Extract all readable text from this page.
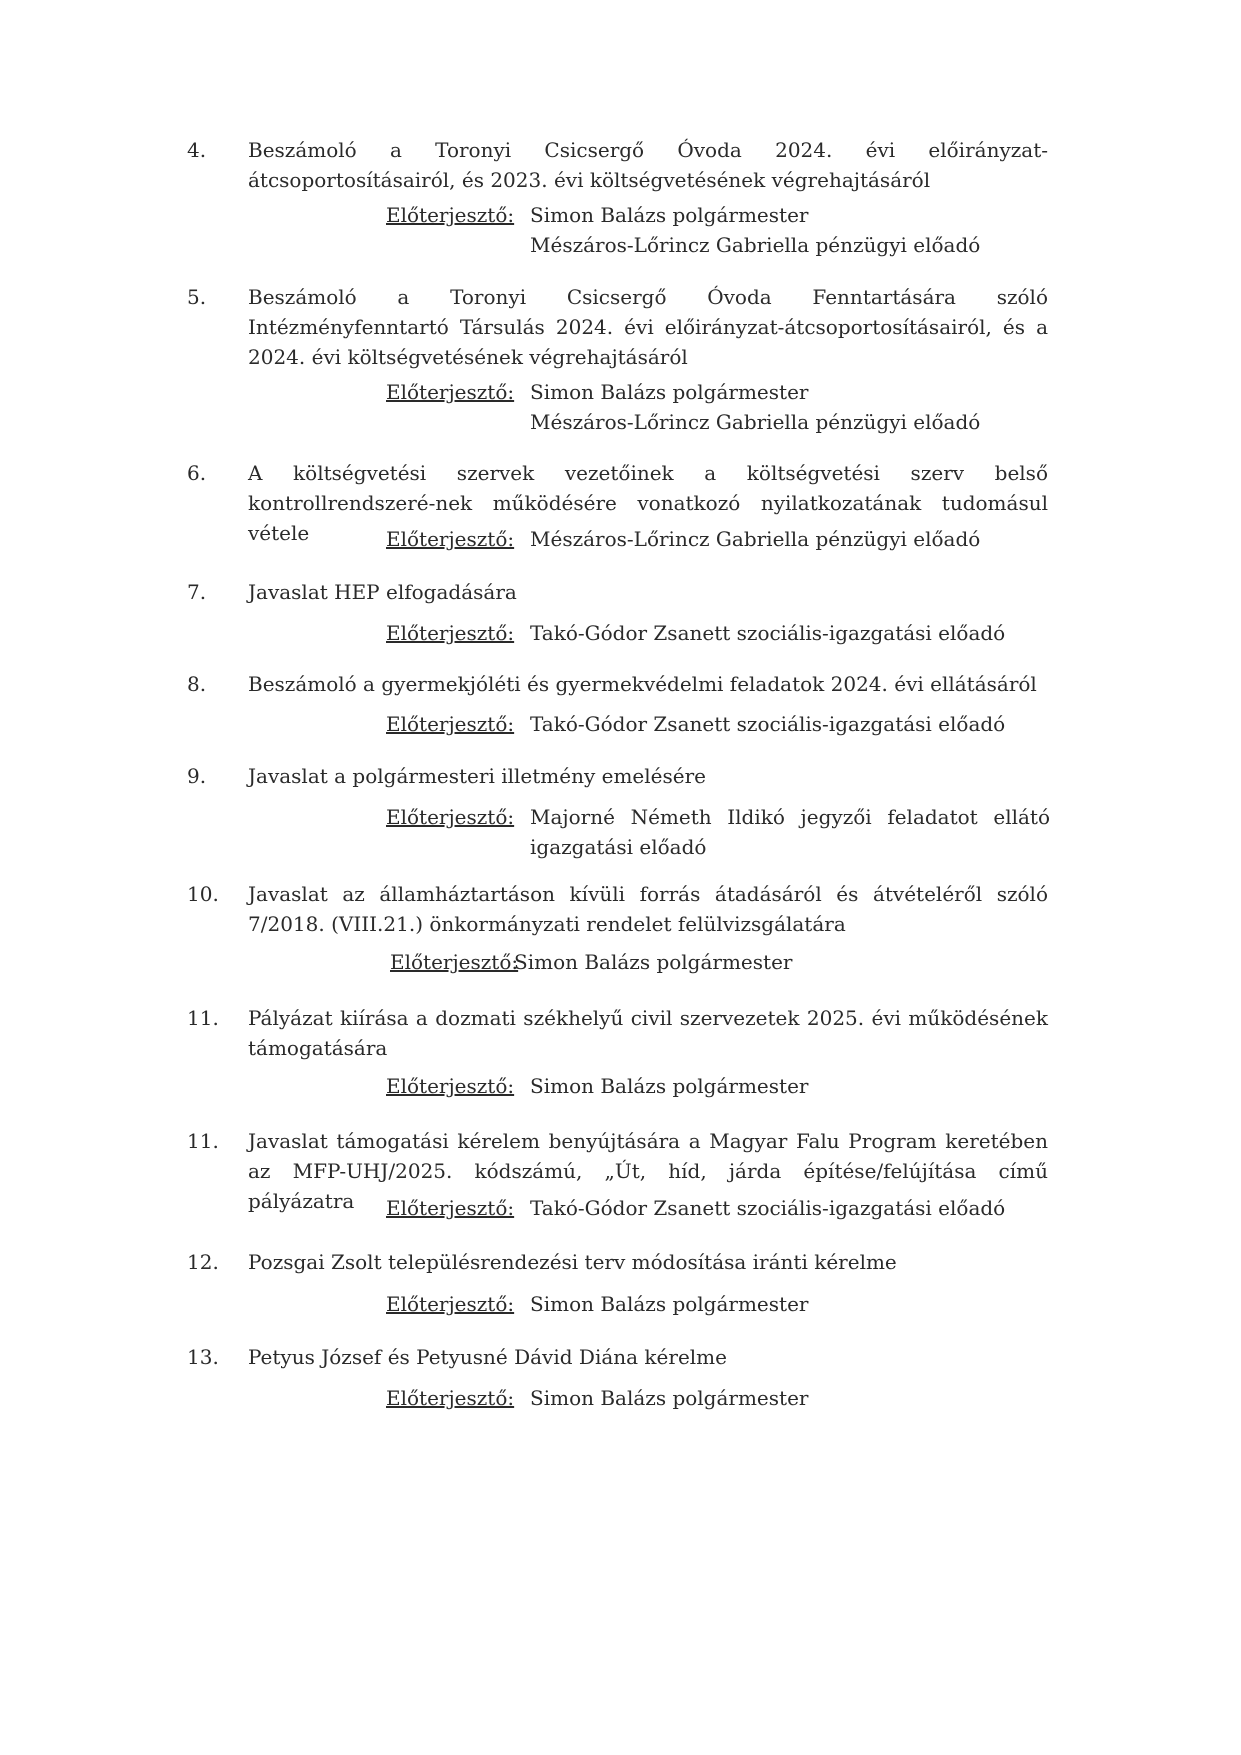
4. Beszámoló a Toronyi Csicsergő Óvoda 2024. évi előirányzat-átcsoportosításairól, és 2023. évi költségvetésének végrehajtásáról
Előterjesztő: Simon Balázs polgármester
Mészáros-Lőrincz Gabriella pénzügyi előadó
5. Beszámoló a Toronyi Csicsergő Óvoda Fenntartására szóló Intézményfenntartó Társulás 2024. évi előirányzat-átcsoportosításairól, és a 2024. évi költségvetésének végrehajtásáról
Előterjesztő: Simon Balázs polgármester
Mészáros-Lőrincz Gabriella pénzügyi előadó
6. A költségvetési szervek vezetőinek a költségvetési szerv belső kontrollrendszeré-nek működésére vonatkozó nyilatkozatának tudomásul vétele	Előterjesztő: Mészáros-Lőrincz Gabriella pénzügyi előadó
7. Javaslat HEP elfogadására
Előterjesztő: Takó-Gódor Zsanett szociális-igazgatási előadó
8. Beszámoló a gyermekjóléti és gyermekvédelmi feladatok 2024. évi ellátásáról
Előterjesztő: Takó-Gódor Zsanett szociális-igazgatási előadó
9. Javaslat a polgármesteri illetmény emelésére
Előterjesztő: Majorné Németh Ildikó jegyzői feladatot ellátó igazgatási előadó
10. Javaslat az államháztartáson kívüli forrás átadásáról és átvételéről szóló 7/2018. (VIII.21.) önkormányzati rendelet felülvizsgálatára
Előterjesztő:
Simon Balázs polgármester
11. Pályázat kiírása a dozmati székhelyű civil szervezetek 2025. évi működésének támogatására
Előterjesztő: Simon Balázs polgármester
11. Javaslat támogatási kérelem benyújtására a Magyar Falu Program keretében az MFP-UHJ/2025. kódszámú, „Út, híd, járda építése/felújítása című pályázatra	Előterjesztő: Takó-Gódor Zsanett szociális-igazgatási előadó
12. Pozsgai Zsolt településrendezési terv módosítása iránti kérelme
Előterjesztő: Simon Balázs polgármester
13. Petyus József és Petyusné Dávid Diána kérelme
Előterjesztő: Simon Balázs polgármester
